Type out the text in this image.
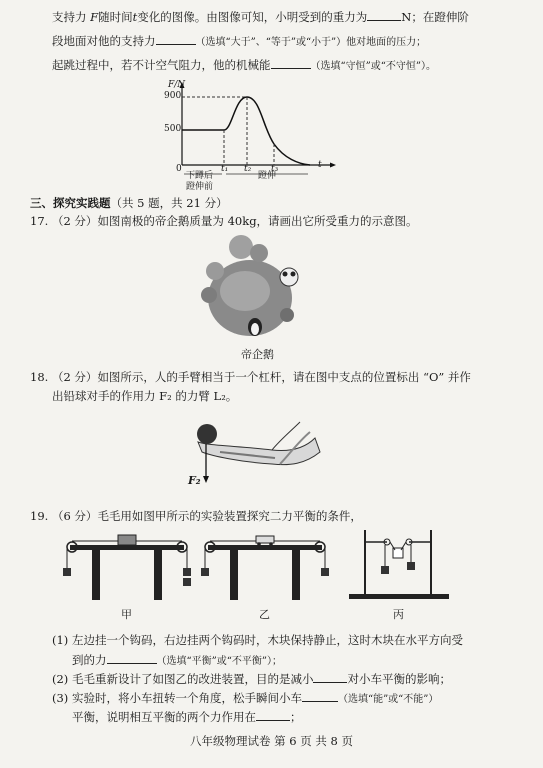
支持力 F随时间t变化的图像。由图像可知，小明受到的重力为	N；在蹬伸阶
段地面对他的支持力	（选填“大于”、“等于”或“小于”）他对地面的压力；
起跳过程中，若不计空气阻力，他的机械能	（选填“守恒”或“不守恒”）。
F/N
900
500
0	t₁ t₂ t₃	t
下蹲后
蹬伸前
蹬伸
三、探究实践题（共 5 题，共 21 分）
17. （2 分）如图南极的帝企鹅质量为 40kg，请画出它所受重力的示意图。
帝企鹅
18. （2 分）如图所示，人的手臂相当于一个杠杆，请在图中支点的位置标出 “O” 并作
出铅球对手的作用力 F₂ 的力臂 L₂。
F₂
19. （6 分）毛毛用如图甲所示的实验装置探究二力平衡的条件，
甲	乙	丙
(1) 左边挂一个钩码，右边挂两个钩码时，木块保持静止，这时木块在水平方向受
到的力	（选填“平衡”或“不平衡”）；
(2) 毛毛重新设计了如图乙的改进装置，目的是减小	对小车平衡的影响；
(3) 实验时，将小车扭转一个角度，松手瞬间小车	（选填“能”或“不能”）
平衡，说明相互平衡的两个力作用在	；
八年级物理试卷 第 6 页 共 8 页
